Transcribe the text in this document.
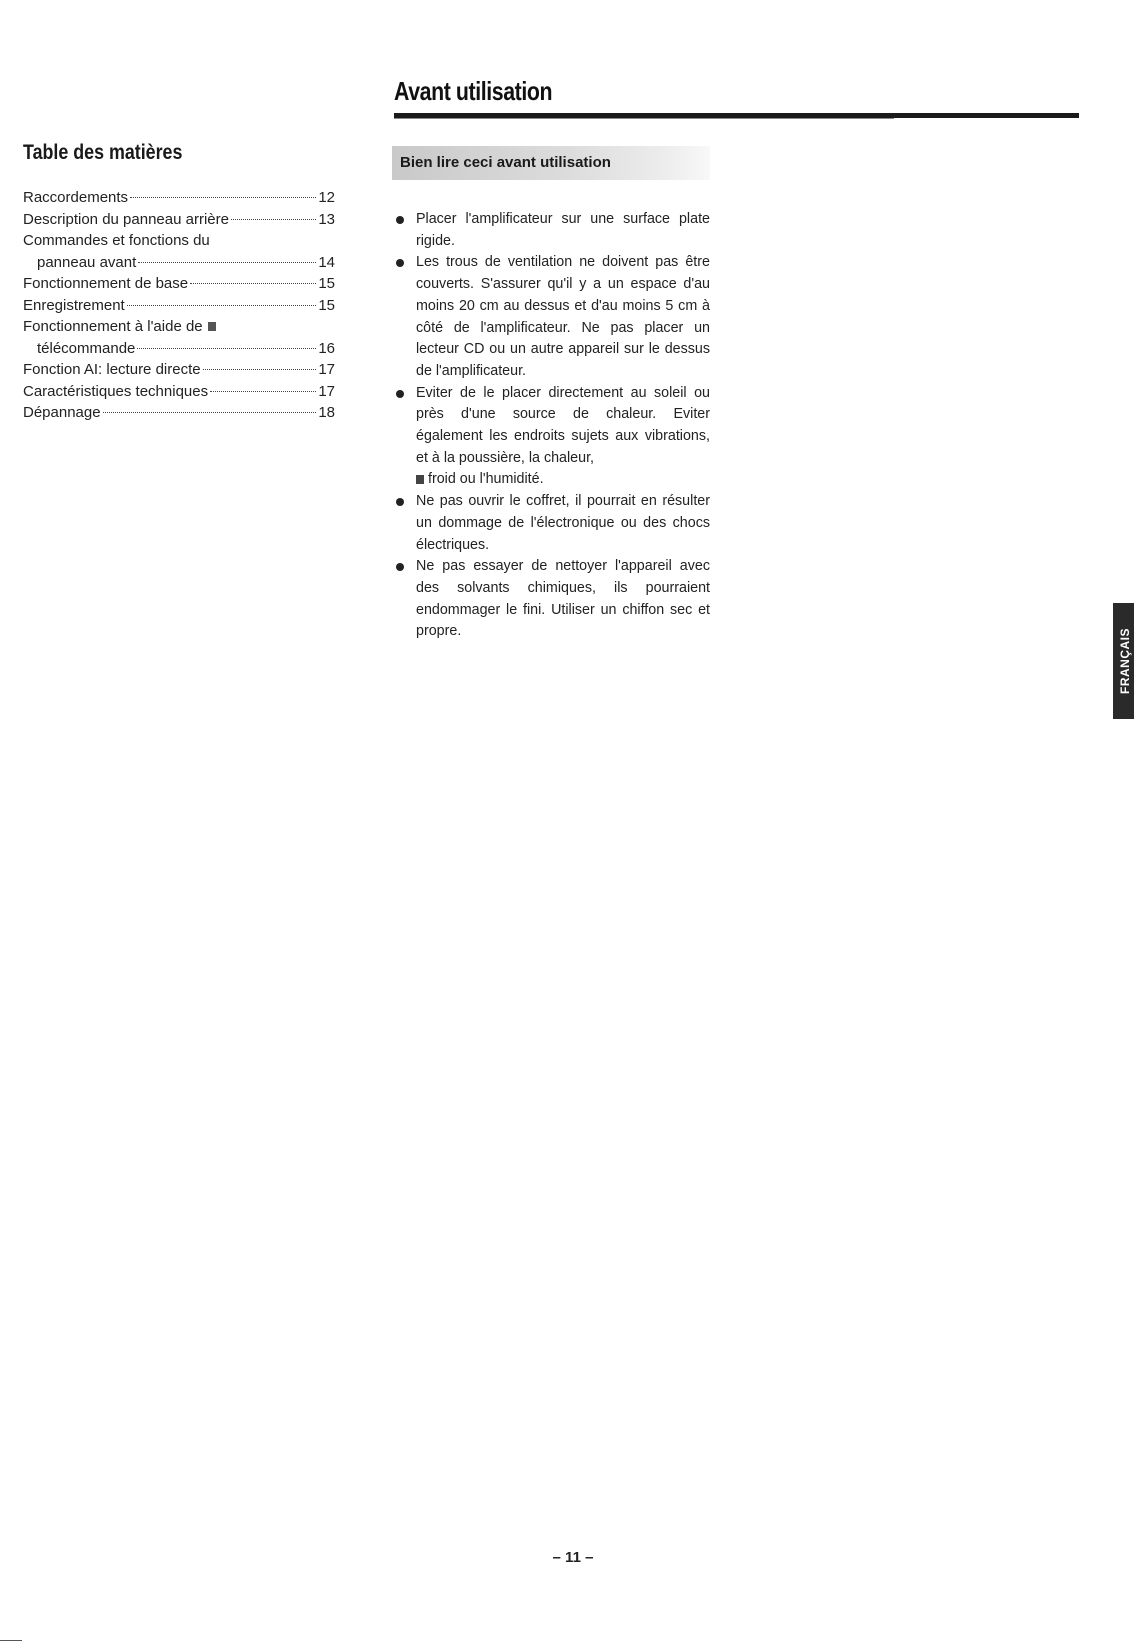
Avant utilisation
Table des matières
Raccordements	12
Description du panneau arrière	13
Commandes et fonctions du
panneau avant	14
Fonctionnement de base	15
Enregistrement	15
Fonctionnement à l'aide de
télécommande	16
Fonction AI: lecture directe	17
Caractéristiques techniques	17
Dépannage	18
Bien lire ceci avant utilisation
Placer l'amplificateur sur une surface plate rigide.
Les trous de ventilation ne doivent pas être couverts. S'assurer qu'il y a un espace d'au moins 20 cm au dessus et d'au moins 5 cm à côté de l'amplificateur. Ne pas placer un lecteur CD ou un autre appareil sur le dessus de l'amplificateur.
Eviter de le placer directement au soleil ou près d'une source de chaleur. Eviter également les endroits sujets aux vibrations, et à la poussière, la chaleur,
froid ou l'humidité.
Ne pas ouvrir le coffret, il pourrait en résulter un dommage de l'électronique ou des chocs électriques.
Ne pas essayer de nettoyer l'appareil avec des solvants chimiques, ils pourraient endommager le fini. Utiliser un chiffon sec et propre.	FRANÇAIS
– 11 –
